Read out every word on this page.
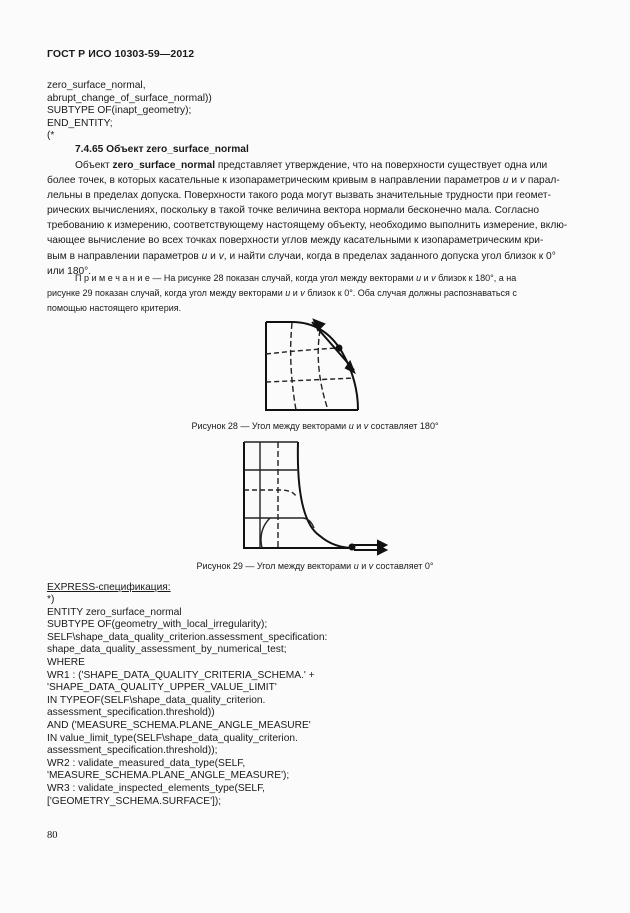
ГОСТ Р ИСО 10303-59—2012
zero_surface_normal,
abrupt_change_of_surface_normal))
SUBTYPE OF(inapt_geometry);
END_ENTITY;
(*
7.4.65 Объект zero_surface_normal
Объект zero_surface_normal представляет утверждение, что на поверхности существует одна или
более точек, в которых касательные к изопараметрическим кривым в направлении параметров u и v парал-
лельны в пределах допуска. Поверхности такого рода могут вызвать значительные трудности при геомет-
рических вычислениях, поскольку в такой точке величина вектора нормали бесконечно мала. Согласно
требованию к измерению, соответствующему настоящему объекту, необходимо выполнить измерение, вклю-
чающее вычисление во всех точках поверхности углов между касательными к изопараметрическим кри-
вым в направлении параметров u и v, и найти случаи, когда в пределах заданного допуска угол близок к 0°
или 180°.
П р и м е ч а н и е — На рисунке 28 показан случай, когда угол между векторами u и v близок к 180°, а на
рисунке 29 показан случай, когда угол между векторами u и v близок к 0°. Оба случая должны распознаваться с
помощью настоящего критерия.
Рисунок 28 — Угол между векторами u и v составляет 180°
Рисунок 29 — Угол между векторами u и v составляет 0°
EXPRESS-спецификация:
*)
ENTITY zero_surface_normal
SUBTYPE OF(geometry_with_local_irregularity);
SELF\shape_data_quality_criterion.assessment_specification:
shape_data_quality_assessment_by_numerical_test;
WHERE
WR1 : ('SHAPE_DATA_QUALITY_CRITERIA_SCHEMA.' +
'SHAPE_DATA_QUALITY_UPPER_VALUE_LIMIT'
IN TYPEOF(SELF\shape_data_quality_criterion.
assessment_specification.threshold))
AND ('MEASURE_SCHEMA.PLANE_ANGLE_MEASURE'
IN value_limit_type(SELF\shape_data_quality_criterion.
assessment_specification.threshold));
WR2 : validate_measured_data_type(SELF,
'MEASURE_SCHEMA.PLANE_ANGLE_MEASURE');
WR3 : validate_inspected_elements_type(SELF,
['GEOMETRY_SCHEMA.SURFACE']);
80
